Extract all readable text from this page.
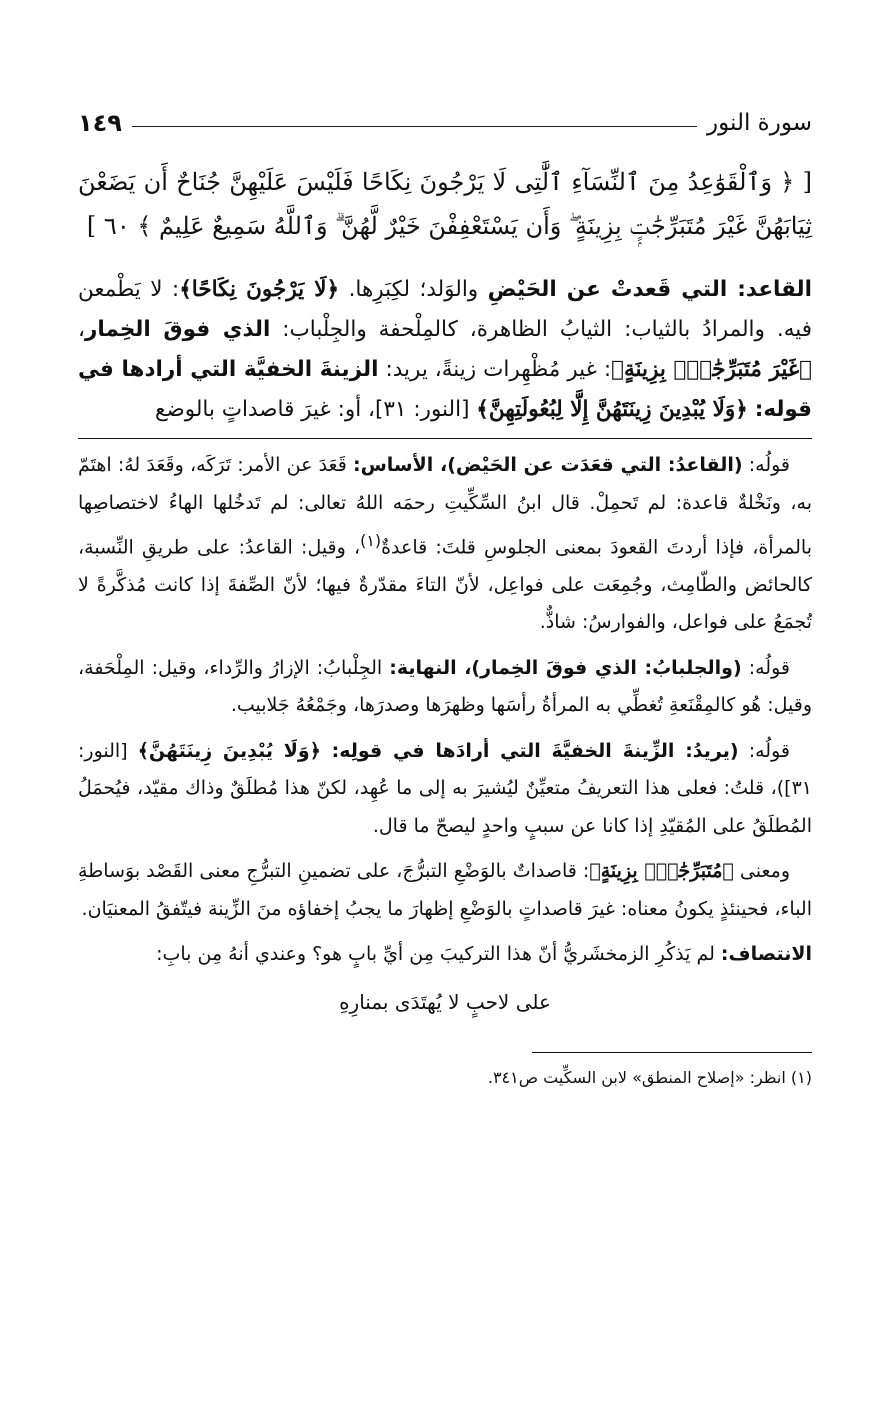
سورة النور
١٤٩
[ ﴿ وَٱلْقَوَٰعِدُ مِنَ ٱلنِّسَآءِ ٱلَّٰتِى لَا يَرْجُونَ نِكَاحًا فَلَيْسَ عَلَيْهِنَّ جُنَاحٌ أَن يَضَعْنَ ثِيَابَهُنَّ غَيْرَ مُتَبَرِّجَٰتٍۭ بِزِينَةٍ ۖ وَأَن يَسْتَعْفِفْنَ خَيْرٌ لَّهُنَّ ۗ وَٱللَّهُ سَمِيعٌ عَلِيمٌ ﴾ ٦٠ ]
القاعد: التي قَعدتْ عن الحَيْضِ والوَلد؛ لكِبَرِها. ﴿لَا يَرْجُونَ نِكَاحًا﴾: لا يَطْمعن فيه. والمرادُ بالثياب: الثيابُ الظاهرة، كالمِلْحفة والجِلْباب: الذي فوقَ الخِمار، ﴿غَيْرَ مُتَبَرِّجَٰتٍۭ بِزِينَةٍ﴾: غير مُظْهِرات زينةً، يريد: الزينةَ الخفيَّة التي أرادها في قوله: ﴿وَلَا يُبْدِينَ زِينَتَهُنَّ إِلَّا لِبُعُولَتِهِنَّ﴾ [النور: ٣١]، أو: غيرَ قاصداتٍ بالوضع

قولُه: (القاعدُ: التي قعَدَت عن الحَيْض)، الأساس: قَعَدَ عن الأمر: تَرَكَه، وقَعَدَ لهُ: اهتَمّ به، ونَخْلةٌ قاعدة: لم تَحمِلْ. قال ابنُ السِّكِّيتِ رحمَه اللهُ تعالى: لم تَدخُلها الهاءُ لاختصاصِها بالمرأة، فإذا أردتَ القعودَ بمعنى الجلوسِ قلتَ: قاعدةٌ$^{(١)}$، وقيل: القاعدُ: على طريقِ النِّسبة، كالحائض والطّامِث، وجُمِعَت على فواعِل، لأنّ التاءَ مقدّرةٌ فيها؛ لأنّ الصِّفةَ إذا كانت مُذكَّرةً لا تُجمَعُ على فواعل، والفوارسُ: شاذٌّ.

قولُه: (والجلبابُ: الذي فوقَ الخِمار)، النهاية: الجِلْبابُ: الإزارُ والرِّداء، وقيل: المِلْحَفة، وقيل: هُو كالمِقْنَعةِ تُغطِّي به المرأةُ رأسَها وظهرَها وصدرَها، وجَمْعُهُ جَلابيب.

قولُه: (يريدُ: الزِّينةَ الخفيَّةَ التي أرادَها في قولِه: ﴿وَلَا يُبْدِينَ زِينَتَهُنَّ﴾ [النور: ٣١])، قلتُ: فعلى هذا التعريفُ متعيِّنٌ ليُشيرَ به إلى ما عُهِد، لكنّ هذا مُطلَقٌ وذاك مقيّد، فيُحمَلُ المُطلَقُ على المُقيّدِ إذا كانا عن سببٍ واحدٍ ليصحّ ما قال.

ومعنى ﴿مُتَبَرِّجَٰتٍۭ بِزِينَةٍ﴾: قاصداتٌ بالوَضْعِ التبرُّجَ، على تضمينِ التبرُّجِ معنى القَصْد بوَساطةِ الباء، فحينئذٍ يكونُ معناه: غيرَ قاصداتٍ بالوَضْعِ إظهارَ ما يجبُ إخفاؤه منَ الزِّينة فيتّفقُ المعنيَان.

الانتصاف: لم يَذكُرِ الزمخشَريُّ أنّ هذا التركيبَ مِن أيِّ بابٍ هو؟ وعندي أنهُ مِن بابِ:

على لاحبٍ لا يُهتَدَى بمنارِهِ
(١) انظر: «إصلاح المنطق» لابن السكِّيت ص٣٤١.
